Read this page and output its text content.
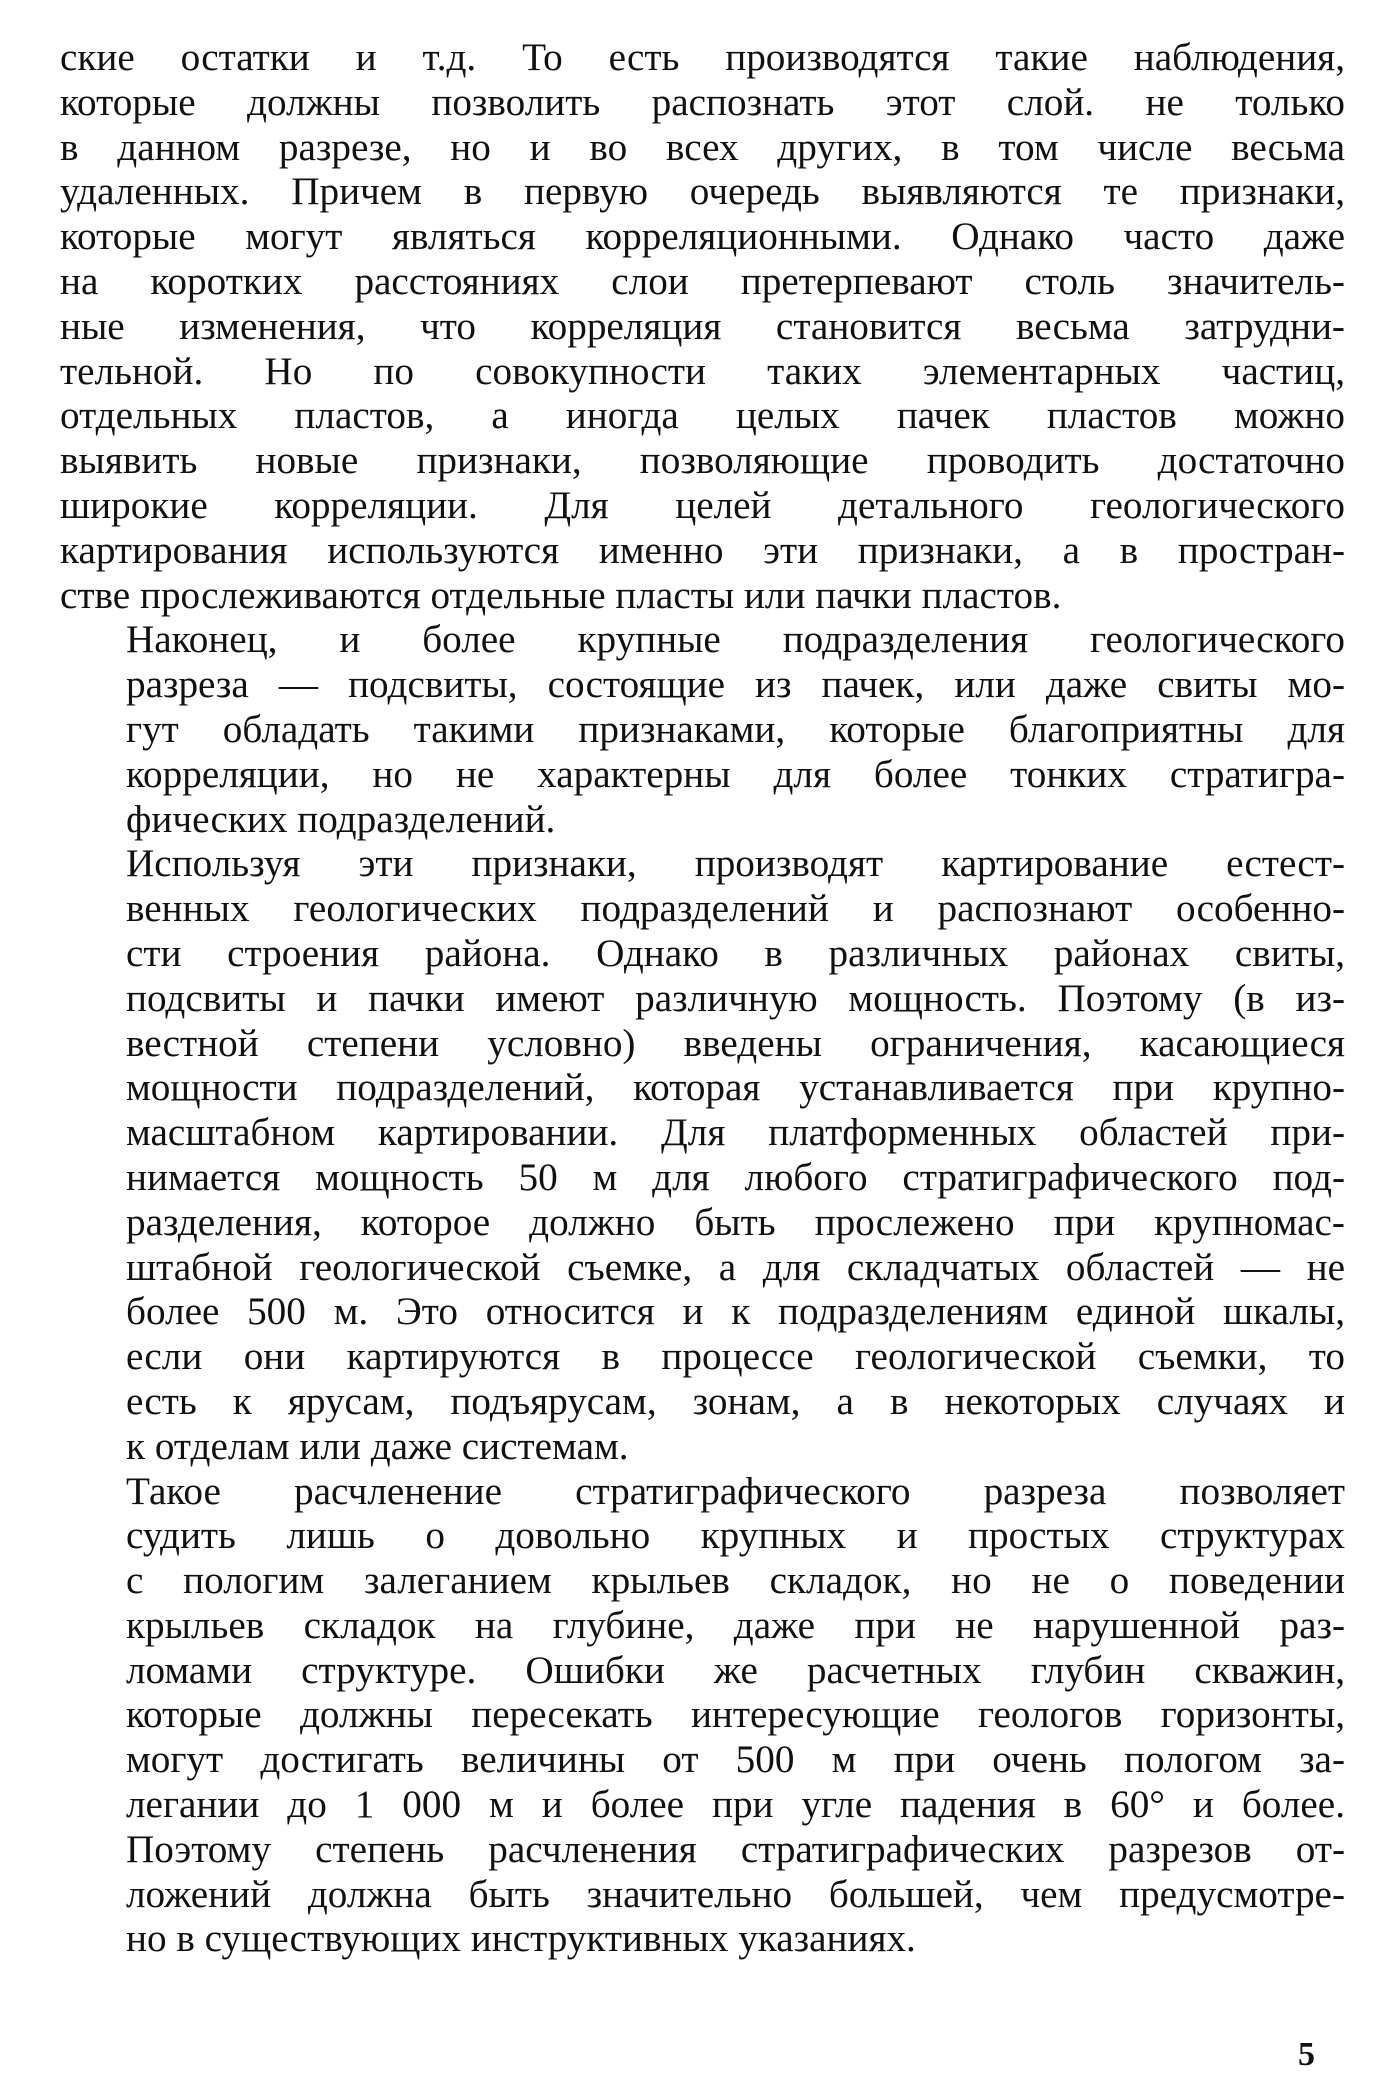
ские остатки и т.д. То есть производятся такие наблюдения,
которые должны позволить распознать этот слой. не только
в данном разрезе, но и во всех других, в том числе весьма
удаленных. Причем в первую очередь выявляются те признаки,
которые могут являться корреляционными. Однако часто даже
на коротких расстояниях слои претерпевают столь значитель-
ные изменения, что корреляция становится весьма затрудни-
тельной. Но по совокупности таких элементарных частиц,
отдельных пластов, а иногда целых пачек пластов можно
выявить новые признаки, позволяющие проводить достаточно
широкие корреляции. Для целей детального геологического
картирования используются именно эти признаки, а в простран-
стве прослеживаются отдельные пласты или пачки пластов.
Наконец, и более крупные подразделения геологического
разреза — подсвиты, состоящие из пачек, или даже свиты мо-
гут обладать такими признаками, которые благоприятны для
корреляции, но не характерны для более тонких стратигра-
фических подразделений.
Используя эти признаки, производят картирование естест-
венных геологических подразделений и распознают особенно-
сти строения района. Однако в различных районах свиты,
подсвиты и пачки имеют различную мощность. Поэтому (в из-
вестной степени условно) введены ограничения, касающиеся
мощности подразделений, которая устанавливается при крупно-
масштабном картировании. Для платформенных областей при-
нимается мощность 50 м для любого стратиграфического под-
разделения, которое должно быть прослежено при крупномас-
штабной геологической съемке, а для складчатых областей — не
более 500 м. Это относится и к подразделениям единой шкалы,
если они картируются в процессе геологической съемки, то
есть к ярусам, подъярусам, зонам, а в некоторых случаях и
к отделам или даже системам.
Такое расчленение стратиграфического разреза позволяет
судить лишь о довольно крупных и простых структурах
с пологим залеганием крыльев складок, но не о поведении
крыльев складок на глубине, даже при не нарушенной раз-
ломами структуре. Ошибки же расчетных глубин скважин,
которые должны пересекать интересующие геологов горизонты,
могут достигать величины от 500 м при очень пологом за-
легании до 1 000 м и более при угле падения в 60° и более.
Поэтому степень расчленения стратиграфических разрезов от-
ложений должна быть значительно большей, чем предусмотре-
но в существующих инструктивных указаниях.
5
